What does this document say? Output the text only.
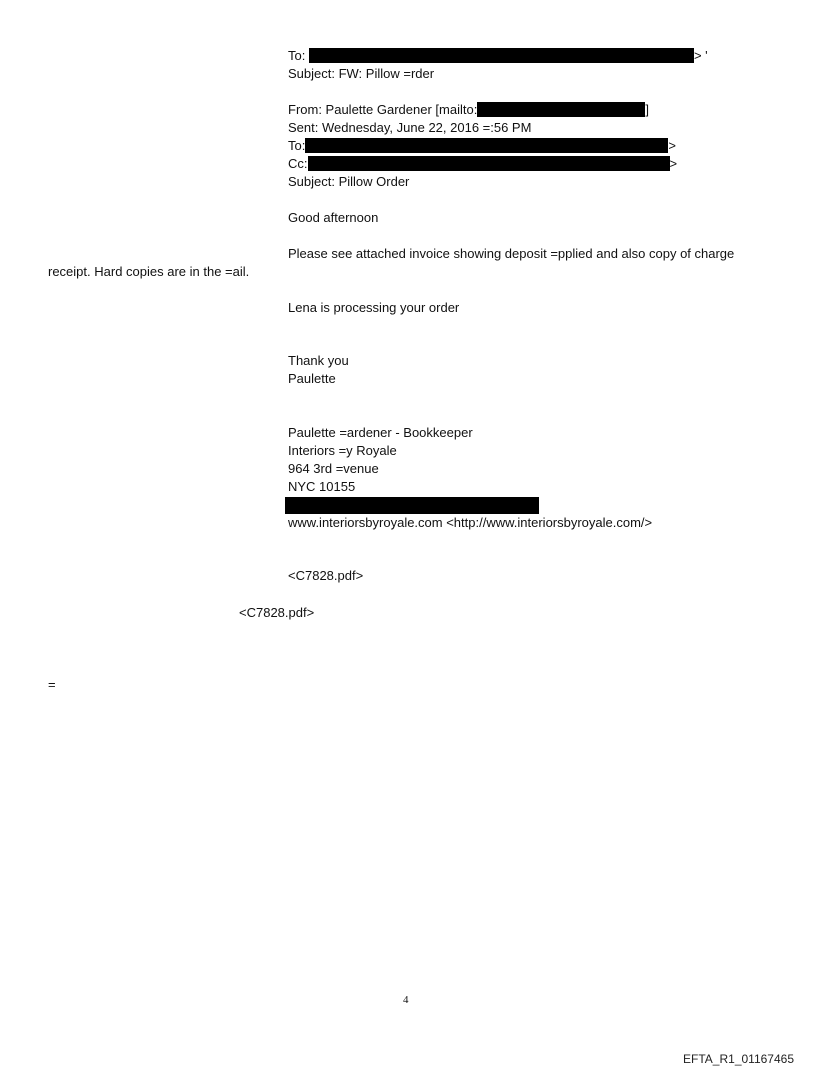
To:	> '
Subject: FW: Pillow =rder
From: Paulette Gardener [mailto:	]
Sent: Wednesday, June 22, 2016 =:56 PM
To:	>
Cc:	>
Subject: Pillow Order
Good afternoon
Please see attached invoice showing deposit =pplied and also copy of charge
receipt. Hard copies are in the =ail.
Lena is processing your order
Thank you
Paulette
Paulette =ardener - Bookkeeper
Interiors =y Royale
964 3rd =venue
NYC 10155
www.interiorsbyroyale.com <http://www.interiorsbyroyale.com/>
<C7828.pdf>
<C7828.pdf>
=
4
EFTA_R1_01167465
